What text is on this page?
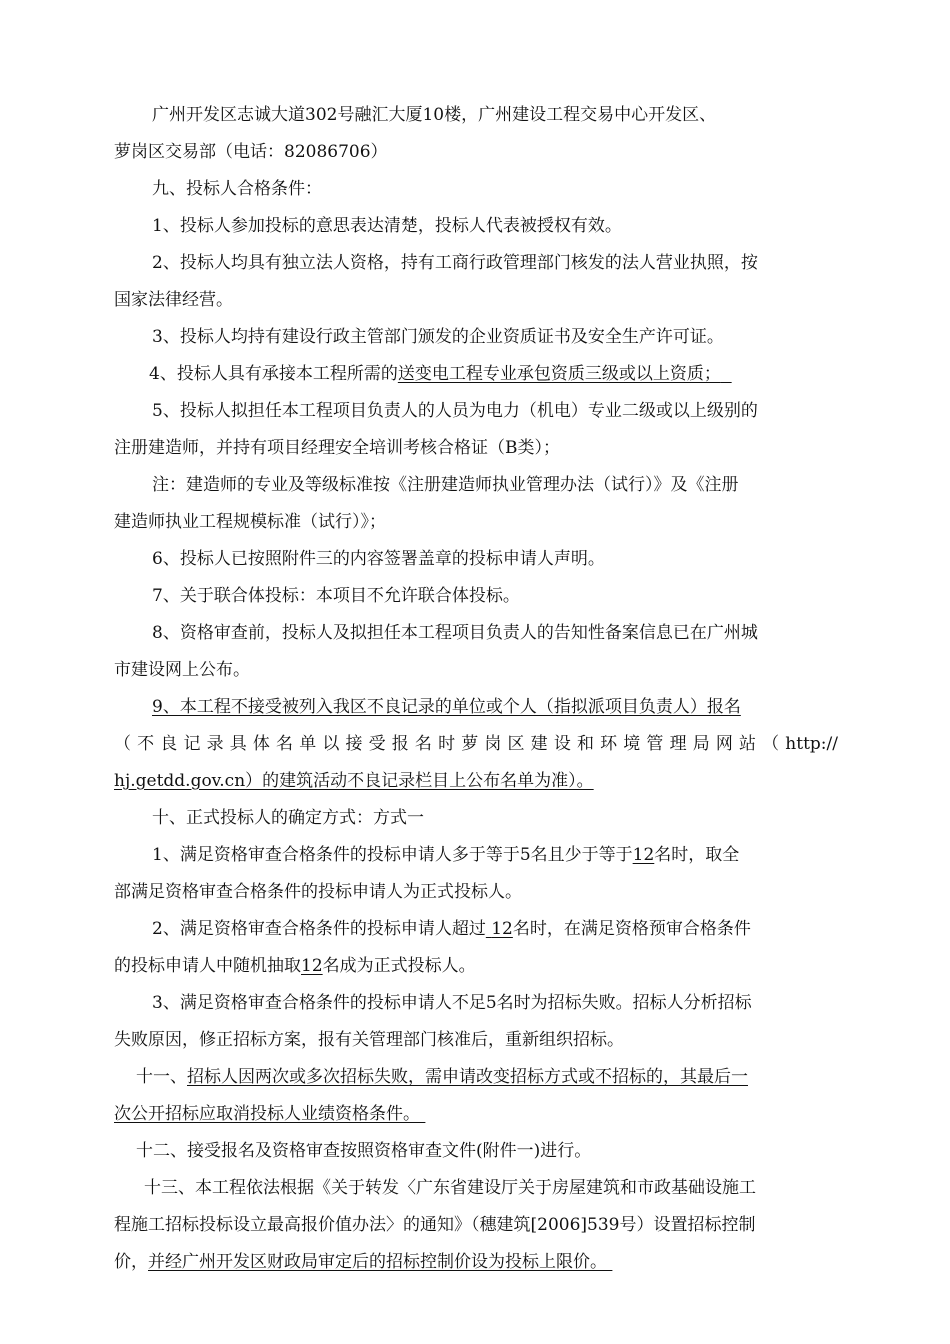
广州开发区志诚大道302号融汇大厦10楼，广州建设工程交易中心开发区、
萝岗区交易部（电话：82086706）
九、投标人合格条件：
1、投标人参加投标的意思表达清楚，投标人代表被授权有效。
2、投标人均具有独立法人资格，持有工商行政管理部门核发的法人营业执照，按
国家法律经营。
3、投标人均持有建设行政主管部门颁发的企业资质证书及安全生产许可证。
4、投标人具有承接本工程所需的送变电工程专业承包资质三级或以上资质；
5、投标人拟担任本工程项目负责人的人员为电力（机电）专业二级或以上级别的
注册建造师，并持有项目经理安全培训考核合格证（B类）；
注：建造师的专业及等级标准按《注册建造师执业管理办法（试行）》及《注册
建造师执业工程规模标准（试行）》；
6、投标人已按照附件三的内容签署盖章的投标申请人声明。
7、关于联合体投标：本项目不允许联合体投标。
8、资格审查前，投标人及拟担任本工程项目负责人的告知性备案信息已在广州城
市建设网上公布。
9、本工程不接受被列入我区不良记录的单位或个人（指拟派项目负责人）报名
（不良记录具体名单以接受报名时萝岗区建设和环境管理局网站（http://
hj.getdd.gov.cn）的建筑活动不良记录栏目上公布名单为准）。
十、正式投标人的确定方式：方式一
1、满足资格审查合格条件的投标申请人多于等于5名且少于等于12名时，取全
部满足资格审查合格条件的投标申请人为正式投标人。
2、满足资格审查合格条件的投标申请人超过 12名时，在满足资格预审合格条件
的投标申请人中随机抽取12名成为正式投标人。
3、满足资格审查合格条件的投标申请人不足5名时为招标失败。招标人分析招标
失败原因，修正招标方案，报有关管理部门核准后，重新组织招标。
十一、招标人因两次或多次招标失败，需申请改变招标方式或不招标的，其最后一
次公开招标应取消投标人业绩资格条件。
十二、接受报名及资格审查按照资格审查文件(附件一)进行。
十三、本工程依法根据《关于转发〈广东省建设厅关于房屋建筑和市政基础设施工
程施工招标投标设立最高报价值办法〉的通知》（穗建筑[2006]539号）设置招标控制
价，并经广州开发区财政局审定后的招标控制价设为投标上限价。
